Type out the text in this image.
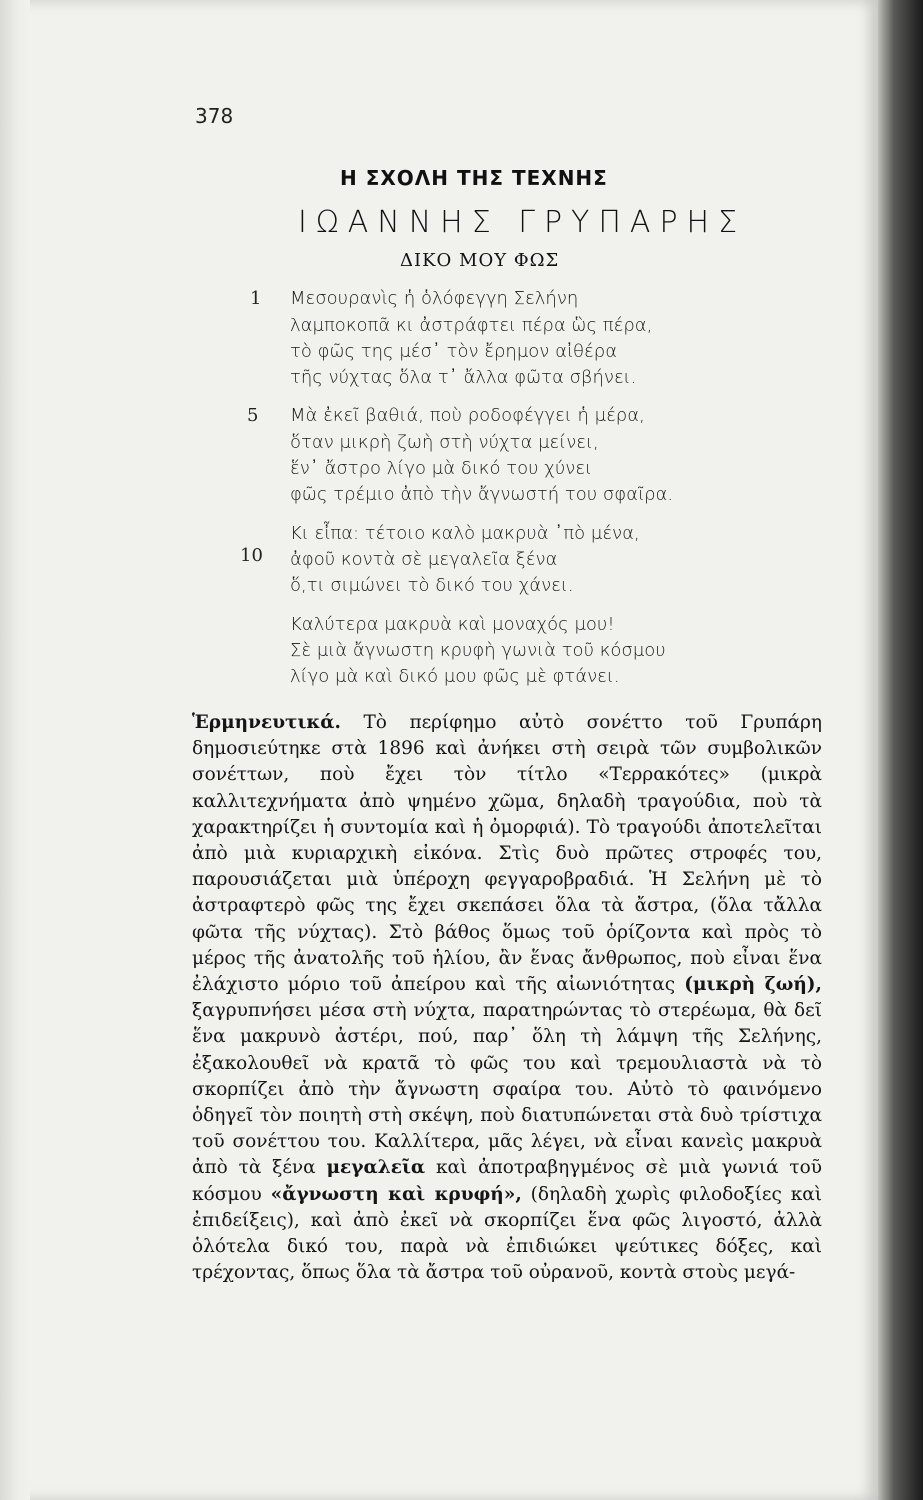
378
Η ΣΧΟΛΗ ΤΗΣ ΤΕΧΝΗΣ
ΙΩΑΝΝΗΣ ΓΡΥΠΑΡΗΣ
ΔΙΚΟ ΜΟΥ ΦΩΣ
1
5
10
Μεσουρανὶς ἡ ὁλόφεγγη Σελήνη
λαμποκοπᾶ κι ἀστράφτει πέρα ὣς πέρα,
τὸ φῶς της μέσ᾿ τὸν ἔρημον αἰθέρα
τῆς νύχτας ὅλα τ᾿ ἄλλα φῶτα σβήνει.
Μὰ ἐκεῖ βαθιά, ποὺ ροδοφέγγει ἡ μέρα,
ὅταν μικρὴ ζωὴ στὴ νύχτα μείνει,
ἕν᾿ ἄστρο λίγο μὰ δικό του χύνει
φῶς τρέμιο ἀπὸ τὴν ἄγνωστή του σφαῖρα.
Κι εἶπα: τέτοιο καλὸ μακρυὰ ᾿πὸ μένα,
ἀφοῦ κοντὰ σὲ μεγαλεῖα ξένα
ὅ,τι σιμώνει τὸ δικό του χάνει.
Καλύτερα μακρυὰ καὶ μοναχός μου!
Σὲ μιὰ ἄγνωστη κρυφὴ γωνιὰ τοῦ κόσμου
λίγο μὰ καὶ δικό μου φῶς μὲ φτάνει.

Ἑρμηνευτικά. Τὸ περίφημο αὐτὸ σονέττο τοῦ Γρυπάρη δημοσιεύτηκε στὰ 1896 καὶ ἀνήκει στὴ σειρὰ τῶν συμβολικῶν σονέττων, ποὺ ἔχει τὸν τίτλο «Τερρακότες» (μικρὰ καλλιτεχνήματα ἀπὸ ψημένο χῶμα, δηλαδὴ τραγούδια, ποὺ τὰ χαρακτηρίζει ἡ συντομία καὶ ἡ ὀμορφιά). Τὸ τραγούδι ἀποτελεῖται ἀπὸ μιὰ κυριαρχικὴ εἰκόνα. Στὶς δυὸ πρῶτες στροφές του, παρουσιάζεται μιὰ ὑπέροχη φεγγαροβραδιά. Ἡ Σελήνη μὲ τὸ ἀστραφτερὸ φῶς της ἔχει σκεπάσει ὅλα τὰ ἄστρα, (ὅλα τἄλλα φῶτα τῆς νύχτας). Στὸ βάθος ὅμως τοῦ ὁρίζοντα καὶ πρὸς τὸ μέρος τῆς ἀνατολῆς τοῦ ἡλίου, ἂν ἕνας ἄνθρωπος, ποὺ εἶναι ἕνα ἐλάχιστο μόριο τοῦ ἀπείρου καὶ τῆς αἰωνιότητας (μικρὴ ζωή), ξαγρυπνήσει μέσα στὴ νύχτα, παρατηρώντας τὸ στερέωμα, θὰ δεῖ ἕνα μακρυνὸ ἀστέρι, πού, παρ᾿ ὅλη τὴ λάμψη τῆς Σελήνης, ἐξακολουθεῖ νὰ κρατᾶ τὸ φῶς του καὶ τρεμουλιαστὰ νὰ τὸ σκορπίζει ἀπὸ τὴν ἄγνωστη σφαίρα του. Αὐτὸ τὸ φαινόμενο ὁδηγεῖ τὸν ποιητὴ στὴ σκέψη, ποὺ διατυπώνεται στὰ δυὸ τρίστιχα τοῦ σονέττου του. Καλλίτερα, μᾶς λέγει, νὰ εἶναι κανεὶς μακρυὰ ἀπὸ τὰ ξένα μεγαλεῖα καὶ ἀποτραβηγμένος σὲ μιὰ γωνιά τοῦ κόσμου «ἄγνωστη καὶ κρυφή», (δηλαδὴ χωρὶς φιλοδοξίες καὶ ἐπιδείξεις), καὶ ἀπὸ ἐκεῖ νὰ σκορπίζει ἕνα φῶς λιγοστό, ἀλλὰ ὁλότελα δικό του, παρὰ νὰ ἐπιδιώκει ψεύτικες δόξες, καὶ τρέχοντας, ὅπως ὅλα τὰ ἄστρα τοῦ οὐρανοῦ, κοντὰ στοὺς μεγά-
